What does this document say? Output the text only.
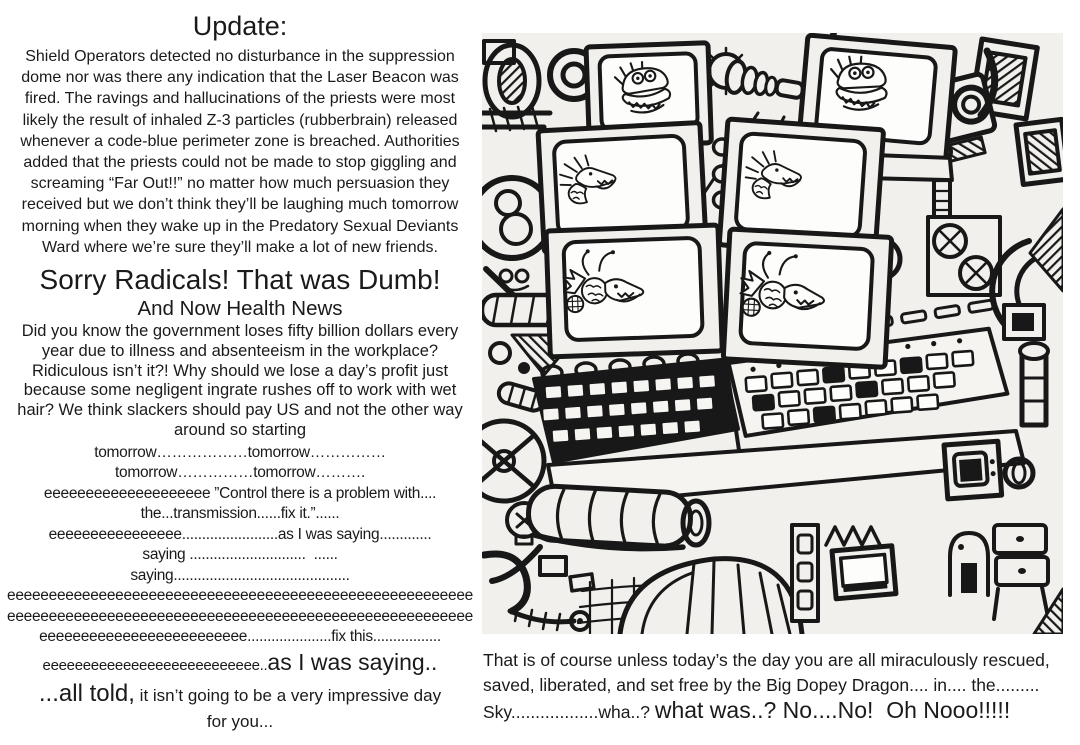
Update:
Shield Operators detected no disturbance in the suppression dome nor was there any indication that the Laser Beacon was fired. The ravings and hallucinations of the priests were most likely the result of inhaled Z-3 particles (rubberbrain) released whenever a code-blue perimeter zone is breached. Authorities added that the priests could not be made to stop giggling and screaming “Far Out!!” no matter how much persuasion they received but we don’t think they’ll be laughing much tomorrow morning when they wake up in the Predatory Sexual Deviants Ward where we’re sure they’ll make a lot of new friends.
Sorry Radicals! That was Dumb!
And Now Health News
Did you know the government loses fifty billion dollars every year due to illness and absenteeism in the workplace? Ridiculous isn’t it?! Why should we lose a day’s profit just because some negligent ingrate rushes off to work with wet hair? We think slackers should pay US and not the other way around so starting
tomorrow………………tomorrow……………
tomorrow……………tomorrow……….
eeeeeeeeeeeeeeeeeeee ”Control there is a problem with....
the...transmission......fix it.”......
eeeeeeeeeeeeeeee........................as I was saying.............
saying .............................  ......
saying............................................
eeeeeeeeeeeeeeeeeeeeeeeeeeeeeeeeeeeeeeeeeeeeeeeeeeeeeeee
eeeeeeeeeeeeeeeeeeeeeeeeeeeeeeeeeeeeeeeeeeeeeeeeeeeeeeee
eeeeeeeeeeeeeeeeeeeeeeeee.....................fix this.................
eeeeeeeeeeeeeeeeeeeeeeeeeee..as I was saying..
...all told, it isn’t going to be a very impressive day
for you...
That is of course unless today’s the day you are all miraculously rescued,
saved, liberated, and set free by the Big Dopey Dragon.... in.... the.........
Sky..................wha..? what was..? No....No!  Oh Nooo!!!!!
